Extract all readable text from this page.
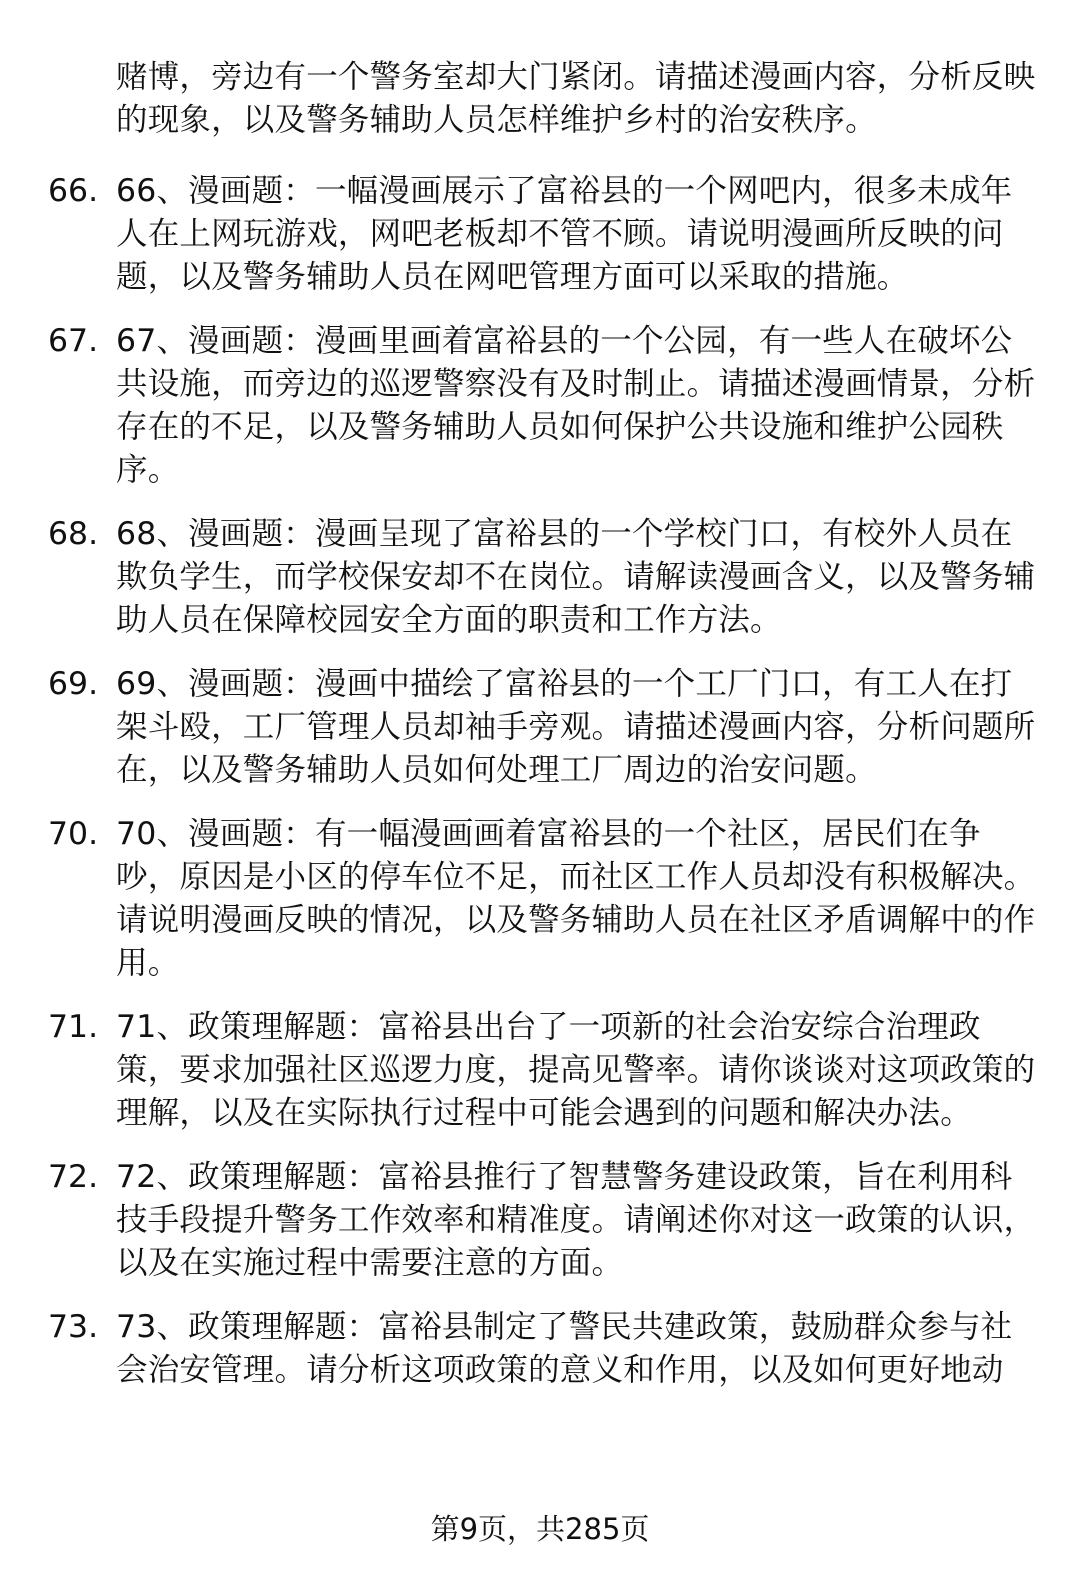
赌博，旁边有一个警务室却大门紧闭。请描述漫画内容，分析反映的现象，以及警务辅助人员怎样维护乡村的治安秩序。
66. 66、漫画题：一幅漫画展示了富裕县的一个网吧内，很多未成年人在上网玩游戏，网吧老板却不管不顾。请说明漫画所反映的问题，以及警务辅助人员在网吧管理方面可以采取的措施。
67. 67、漫画题：漫画里画着富裕县的一个公园，有一些人在破坏公共设施，而旁边的巡逻警察没有及时制止。请描述漫画情景，分析存在的不足，以及警务辅助人员如何保护公共设施和维护公园秩序。
68. 68、漫画题：漫画呈现了富裕县的一个学校门口，有校外人员在欺负学生，而学校保安却不在岗位。请解读漫画含义，以及警务辅助人员在保障校园安全方面的职责和工作方法。
69. 69、漫画题：漫画中描绘了富裕县的一个工厂门口，有工人在打架斗殴，工厂管理人员却袖手旁观。请描述漫画内容，分析问题所在，以及警务辅助人员如何处理工厂周边的治安问题。
70. 70、漫画题：有一幅漫画画着富裕县的一个社区，居民们在争吵，原因是小区的停车位不足，而社区工作人员却没有积极解决。请说明漫画反映的情况，以及警务辅助人员在社区矛盾调解中的作用。
71. 71、政策理解题：富裕县出台了一项新的社会治安综合治理政策，要求加强社区巡逻力度，提高见警率。请你谈谈对这项政策的理解，以及在实际执行过程中可能会遇到的问题和解决办法。
72. 72、政策理解题：富裕县推行了智慧警务建设政策，旨在利用科技手段提升警务工作效率和精准度。请阐述你对这一政策的认识，以及在实施过程中需要注意的方面。
73. 73、政策理解题：富裕县制定了警民共建政策，鼓励群众参与社会治安管理。请分析这项政策的意义和作用，以及如何更好地动
第9页，共285页
